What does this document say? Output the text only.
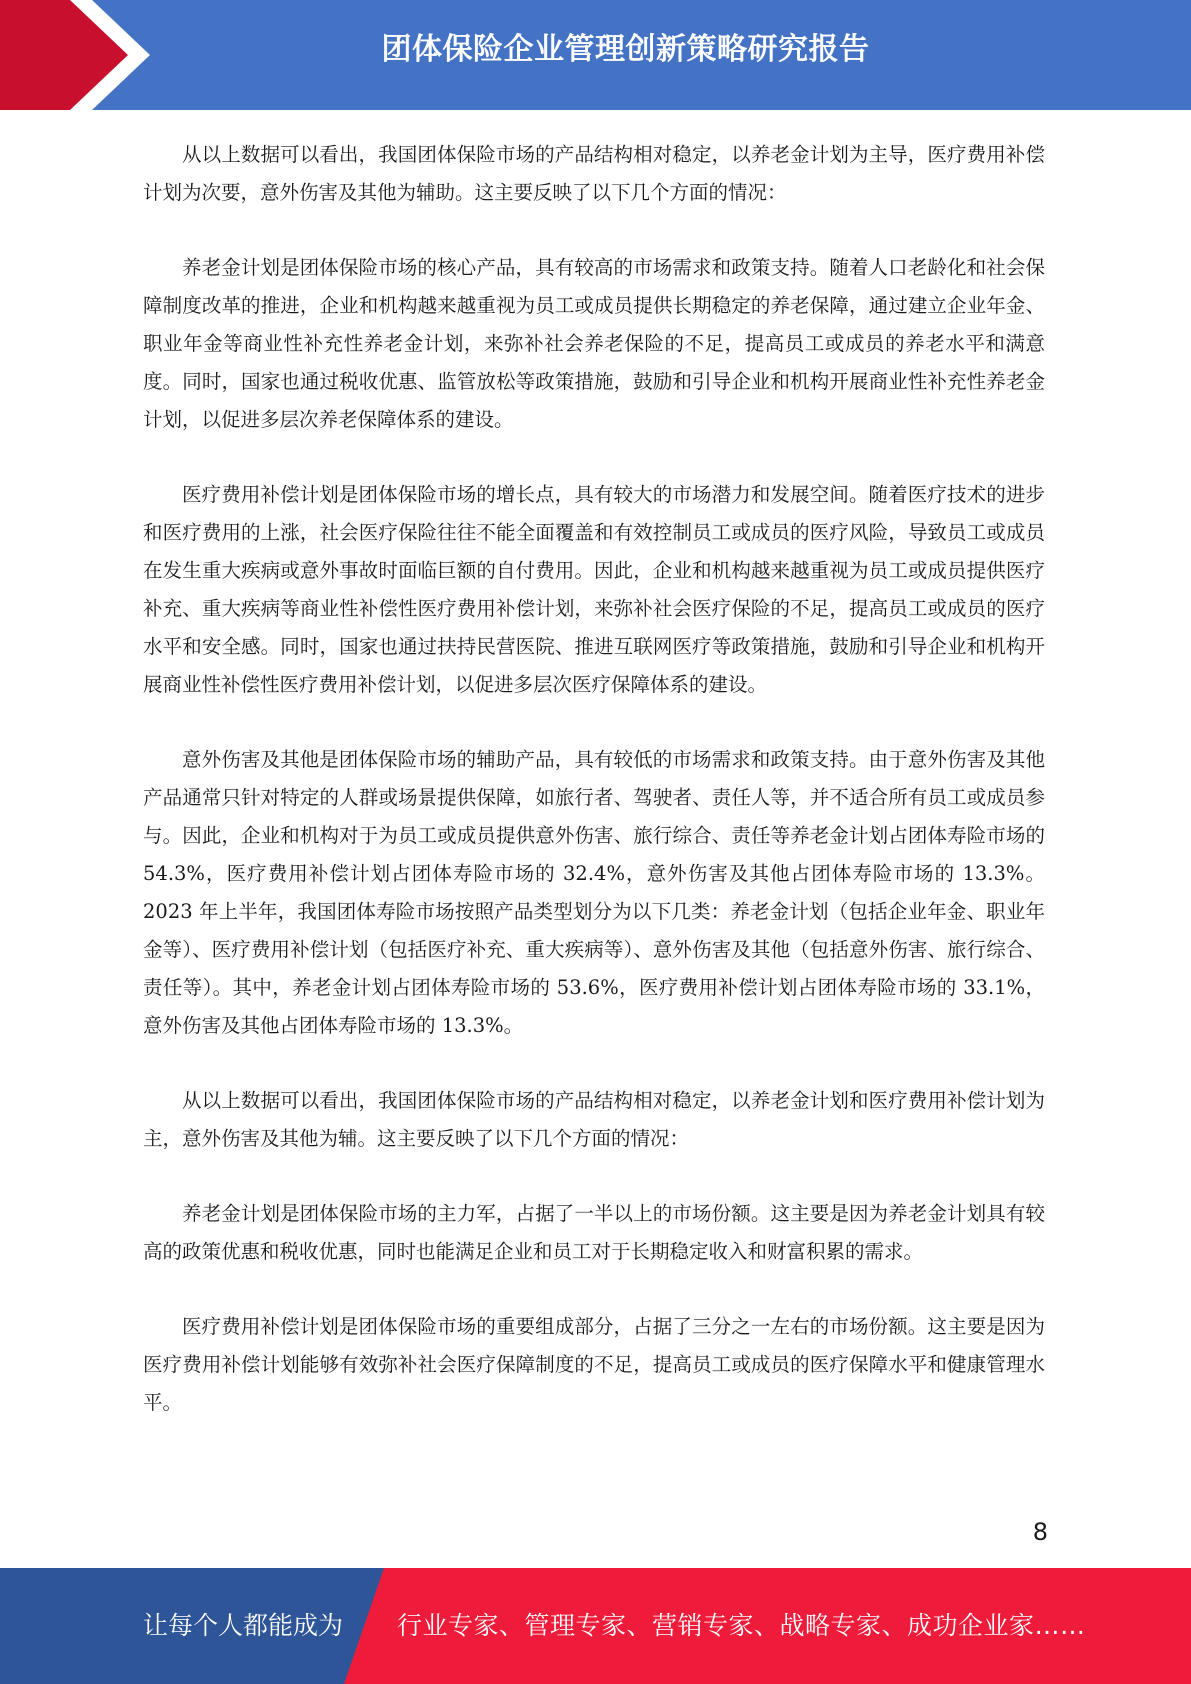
团体保险企业管理创新策略研究报告

从以上数据可以看出，我国团体保险市场的产品结构相对稳定，以养老金计划为主导，医疗费用补偿计划为次要，意外伤害及其他为辅助。这主要反映了以下几个方面的情况：

养老金计划是团体保险市场的核心产品，具有较高的市场需求和政策支持。随着人口老龄化和社会保障制度改革的推进，企业和机构越来越重视为员工或成员提供长期稳定的养老保障，通过建立企业年金、职业年金等商业性补充性养老金计划，来弥补社会养老保险的不足，提高员工或成员的养老水平和满意度。同时，国家也通过税收优惠、监管放松等政策措施，鼓励和引导企业和机构开展商业性补充性养老金计划，以促进多层次养老保障体系的建设。

医疗费用补偿计划是团体保险市场的增长点，具有较大的市场潜力和发展空间。随着医疗技术的进步和医疗费用的上涨，社会医疗保险往往不能全面覆盖和有效控制员工或成员的医疗风险，导致员工或成员在发生重大疾病或意外事故时面临巨额的自付费用。因此，企业和机构越来越重视为员工或成员提供医疗补充、重大疾病等商业性补偿性医疗费用补偿计划，来弥补社会医疗保险的不足，提高员工或成员的医疗水平和安全感。同时，国家也通过扶持民营医院、推进互联网医疗等政策措施，鼓励和引导企业和机构开展商业性补偿性医疗费用补偿计划，以促进多层次医疗保障体系的建设。

意外伤害及其他是团体保险市场的辅助产品，具有较低的市场需求和政策支持。由于意外伤害及其他产品通常只针对特定的人群或场景提供保障，如旅行者、驾驶者、责任人等，并不适合所有员工或成员参与。因此，企业和机构对于为员工或成员提供意外伤害、旅行综合、责任等养老金计划占团体寿险市场的 54.3%，医疗费用补偿计划占团体寿险市场的 32.4%，意外伤害及其他占团体寿险市场的 13.3%。2023 年上半年，我国团体寿险市场按照产品类型划分为以下几类：养老金计划（包括企业年金、职业年金等）、医疗费用补偿计划（包括医疗补充、重大疾病等）、意外伤害及其他（包括意外伤害、旅行综合、责任等）。其中，养老金计划占团体寿险市场的 53.6%，医疗费用补偿计划占团体寿险市场的 33.1%，意外伤害及其他占团体寿险市场的 13.3%。

从以上数据可以看出，我国团体保险市场的产品结构相对稳定，以养老金计划和医疗费用补偿计划为主，意外伤害及其他为辅。这主要反映了以下几个方面的情况：

养老金计划是团体保险市场的主力军，占据了一半以上的市场份额。这主要是因为养老金计划具有较高的政策优惠和税收优惠，同时也能满足企业和员工对于长期稳定收入和财富积累的需求。

医疗费用补偿计划是团体保险市场的重要组成部分，占据了三分之一左右的市场份额。这主要是因为医疗费用补偿计划能够有效弥补社会医疗保障制度的不足，提高员工或成员的医疗保障水平和健康管理水平。

8
让每个人都能成为 行业专家、管理专家、营销专家、战略专家、成功企业家……
